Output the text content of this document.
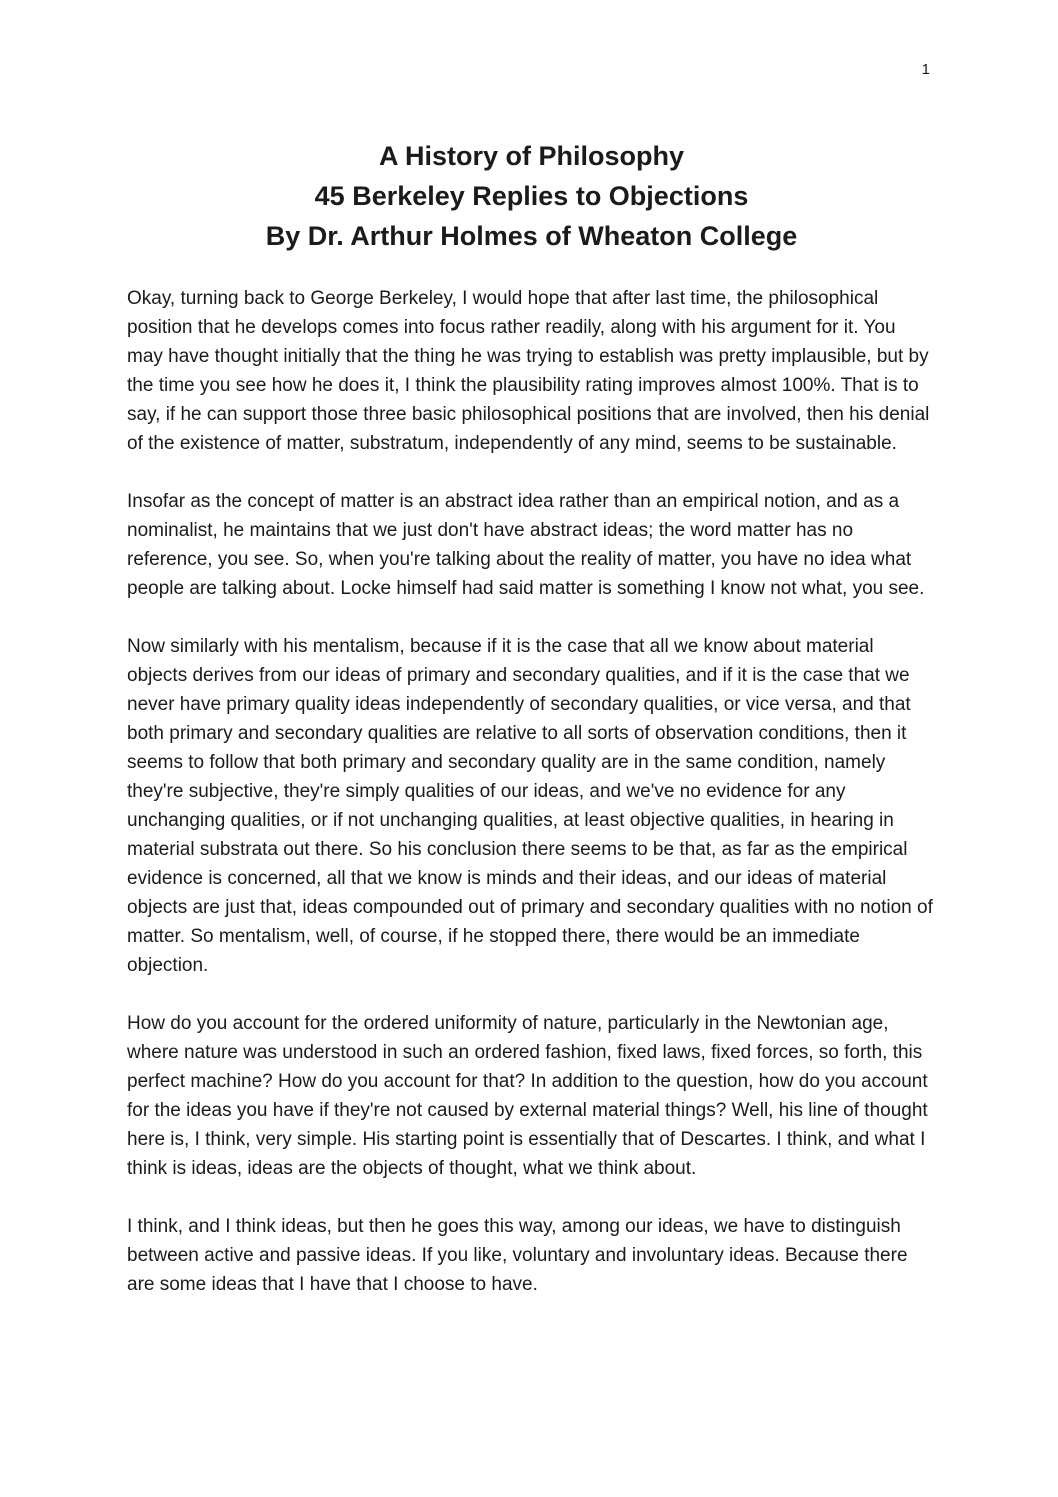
1
A History of Philosophy
45 Berkeley Replies to Objections
By Dr. Arthur Holmes of Wheaton College

Okay, turning back to George Berkeley, I would hope that after last time, the philosophical position that he develops comes into focus rather readily, along with his argument for it. You may have thought initially that the thing he was trying to establish was pretty implausible, but by the time you see how he does it, I think the plausibility rating improves almost 100%. That is to say, if he can support those three basic philosophical positions that are involved, then his denial of the existence of matter, substratum, independently of any mind, seems to be sustainable.

Insofar as the concept of matter is an abstract idea rather than an empirical notion, and as a nominalist, he maintains that we just don't have abstract ideas; the word matter has no reference, you see. So, when you're talking about the reality of matter, you have no idea what people are talking about. Locke himself had said matter is something I know not what, you see.

Now similarly with his mentalism, because if it is the case that all we know about material objects derives from our ideas of primary and secondary qualities, and if it is the case that we never have primary quality ideas independently of secondary qualities, or vice versa, and that both primary and secondary qualities are relative to all sorts of observation conditions, then it seems to follow that both primary and secondary quality are in the same condition, namely they're subjective, they're simply qualities of our ideas, and we've no evidence for any unchanging qualities, or if not unchanging qualities, at least objective qualities, in hearing in material substrata out there. So his conclusion there seems to be that, as far as the empirical evidence is concerned, all that we know is minds and their ideas, and our ideas of material objects are just that, ideas compounded out of primary and secondary qualities with no notion of matter. So mentalism, well, of course, if he stopped there, there would be an immediate objection.

How do you account for the ordered uniformity of nature, particularly in the Newtonian age, where nature was understood in such an ordered fashion, fixed laws, fixed forces, so forth, this perfect machine? How do you account for that? In addition to the question, how do you account for the ideas you have if they're not caused by external material things? Well, his line of thought here is, I think, very simple. His starting point is essentially that of Descartes. I think, and what I think is ideas, ideas are the objects of thought, what we think about.

I think, and I think ideas, but then he goes this way, among our ideas, we have to distinguish between active and passive ideas. If you like, voluntary and involuntary ideas. Because there are some ideas that I have that I choose to have.
